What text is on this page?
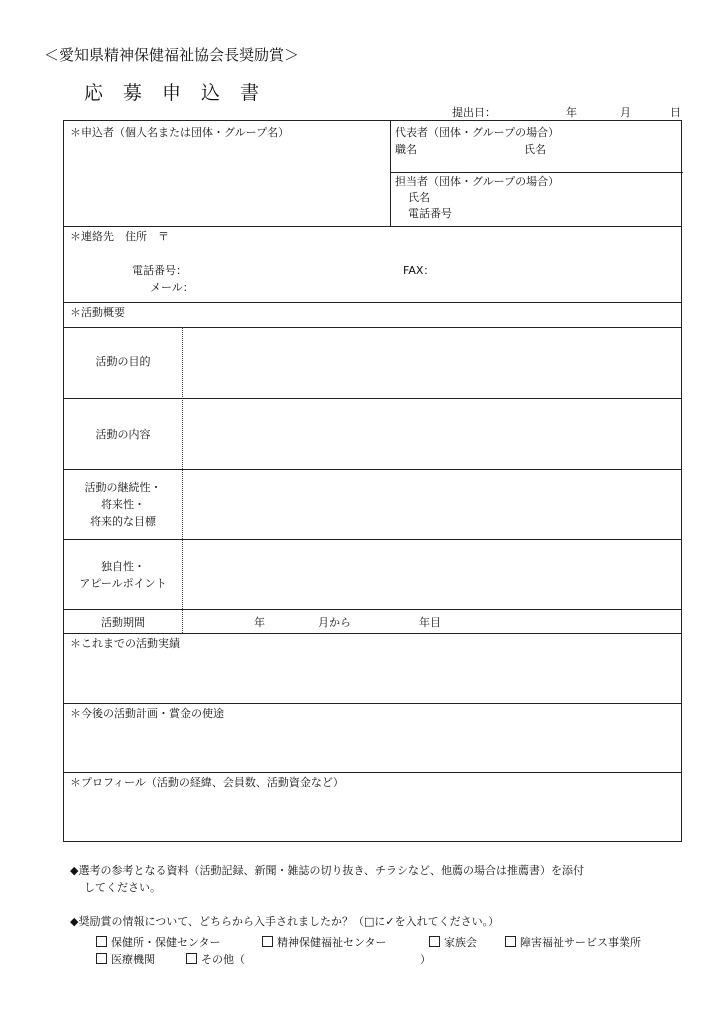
＜愛知県精神保健福祉協会長奨励賞＞
応募申込書
提出日：	年	月	日
＊申込者（個人名または団体・グループ名）	代表者（団体・グループの場合）
職名	氏名
担当者（団体・グループの場合）
氏名
電話番号
＊連絡先　住所　〒
電話番号：	FAX：
メール：
＊活動概要
活動の目的
活動の内容
活動の継続性・
将来性・
将来的な目標
独自性・
アピールポイント
活動期間	年	月から	年目
＊これまでの活動実績
＊今後の活動計画・賞金の使途
＊プロフィール（活動の経緯、会員数、活動資金など）
◆選考の参考となる資料（活動記録、新聞・雑誌の切り抜き、チラシなど、他薦の場合は推薦書）を添付
してください。
◆奨励賞の情報について、どちらから入手されましたか？（□に✓を入れてください。）
保健所・保健センター	精神保健福祉センター	家族会	障害福祉サービス事業所
医療機関	その他（	）
